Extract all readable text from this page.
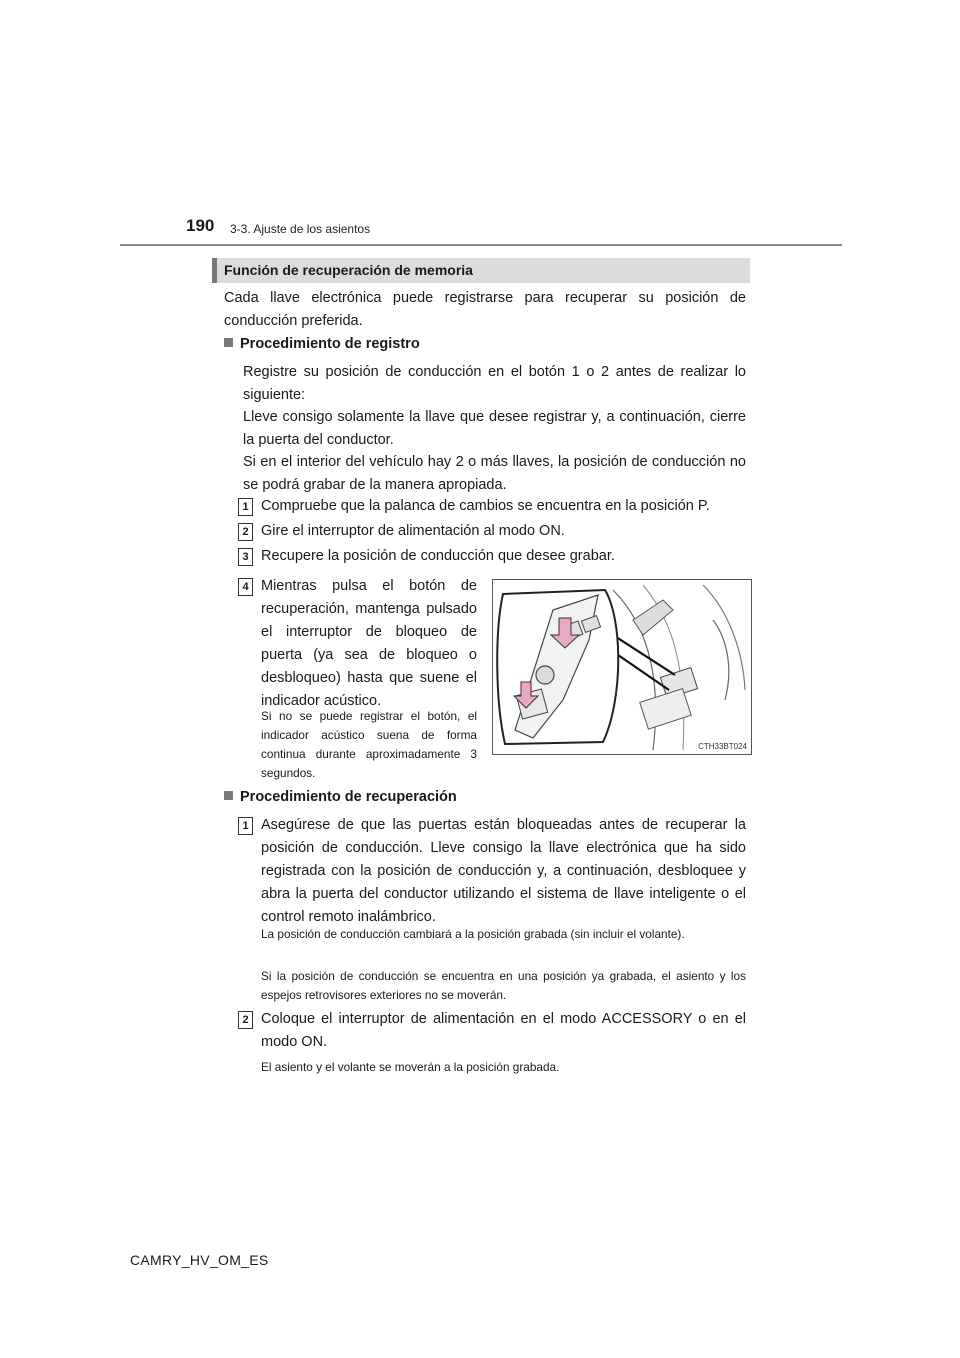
190 3-3. Ajuste de los asientos
Función de recuperación de memoria
Cada llave electrónica puede registrarse para recuperar su posición de conducción preferida.
Procedimiento de registro
Registre su posición de conducción en el botón 1 o 2 antes de realizar lo siguiente:
Lleve consigo solamente la llave que desee registrar y, a continuación, cierre la puerta del conductor.
Si en el interior del vehículo hay 2 o más llaves, la posición de conducción no se podrá grabar de la manera apropiada.
1 Compruebe que la palanca de cambios se encuentra en la posición P.
2 Gire el interruptor de alimentación al modo ON.
3 Recupere la posición de conducción que desee grabar.
4 Mientras pulsa el botón de recuperación, mantenga pulsado el interruptor de bloqueo de puerta (ya sea de bloqueo o desbloqueo) hasta que suene el indicador acústico.
Si no se puede registrar el botón, el indicador acústico suena de forma continua durante aproximadamente 3 segundos.
CTH33BT024
Procedimiento de recuperación
1 Asegúrese de que las puertas están bloqueadas antes de recuperar la posición de conducción. Lleve consigo la llave electrónica que ha sido registrada con la posición de conducción y, a continuación, desbloquee y abra la puerta del conductor utilizando el sistema de llave inteligente o el control remoto inalámbrico.
La posición de conducción cambiará a la posición grabada (sin incluir el volante).
Si la posición de conducción se encuentra en una posición ya grabada, el asiento y los espejos retrovisores exteriores no se moverán.
2 Coloque el interruptor de alimentación en el modo ACCESSORY o en el modo ON.
El asiento y el volante se moverán a la posición grabada.
CAMRY_HV_OM_ES
